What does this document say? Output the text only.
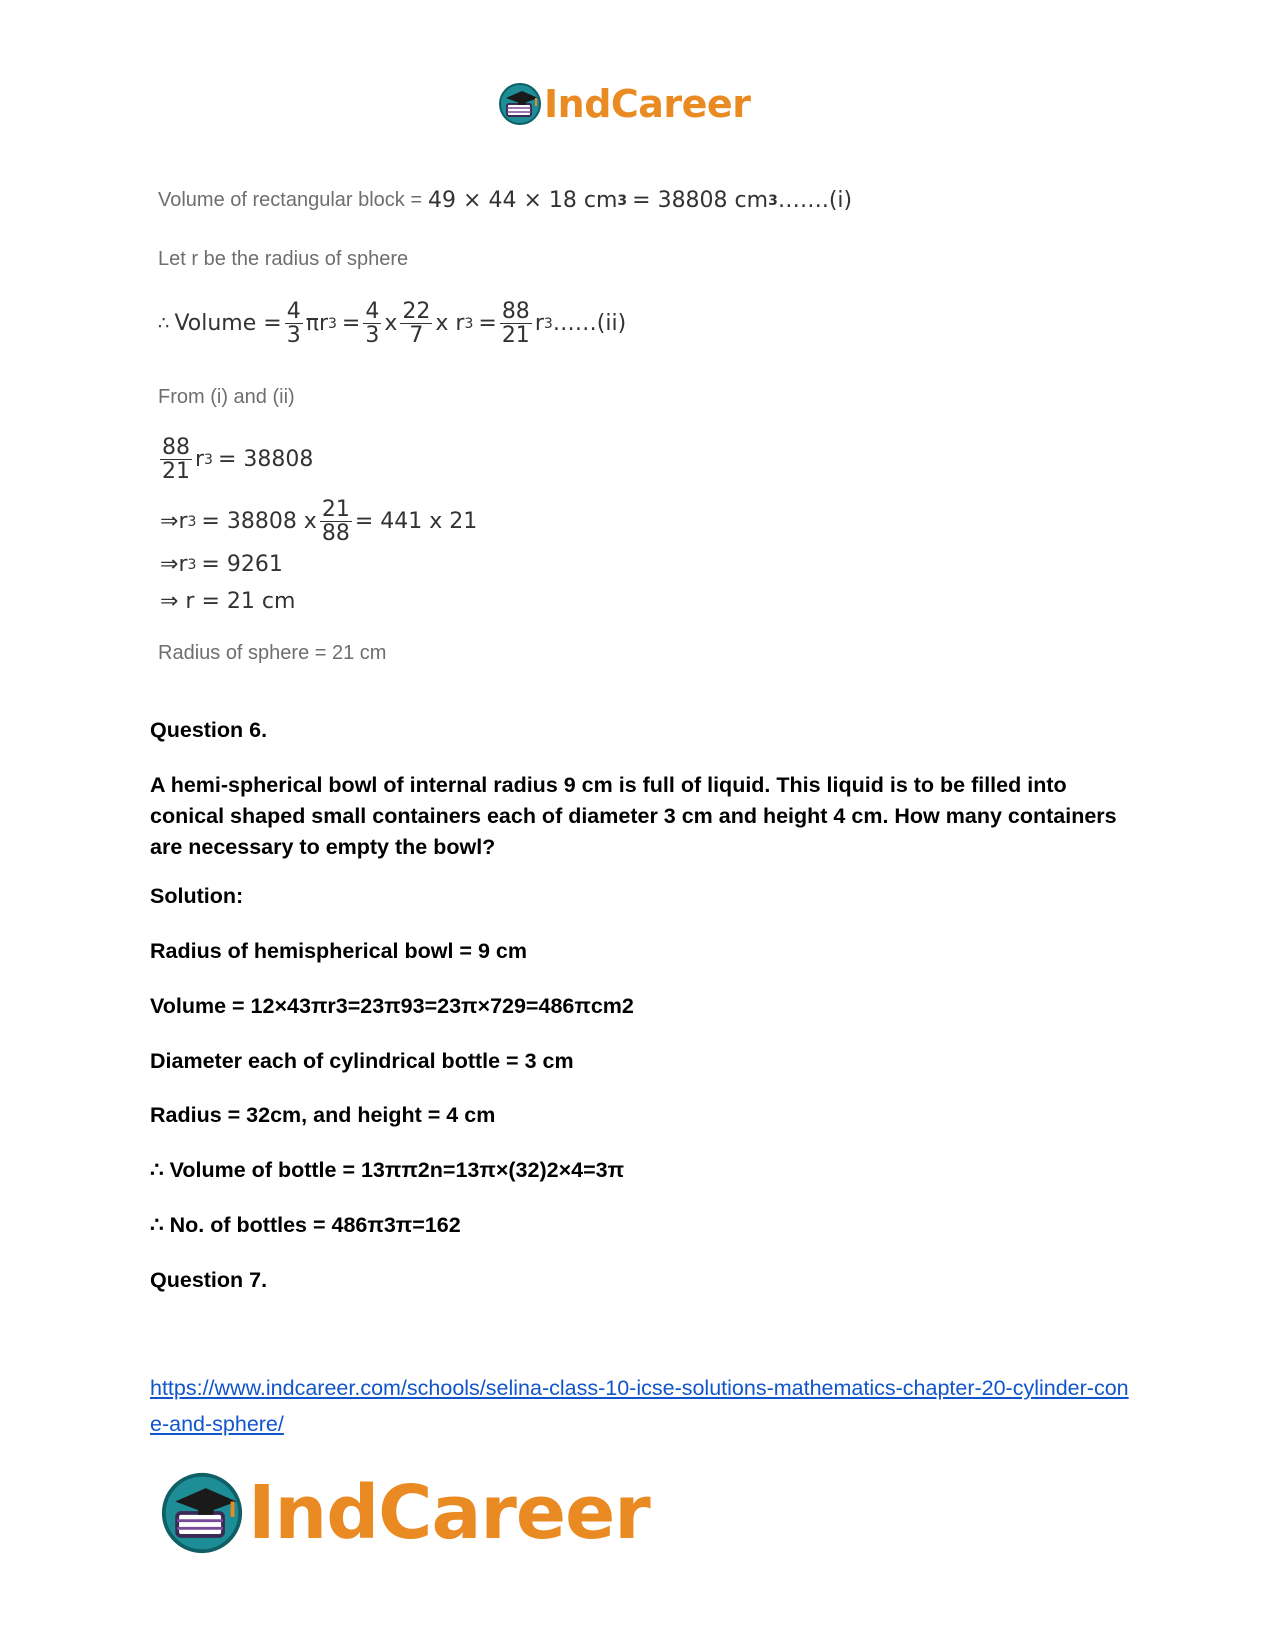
IndCareer
Volume of rectangular block = 49 × 44 × 18 cm 3 = 38808 cm 3 …….(i)
Let r be the radius of sphere
∴ Volume = $\frac{4}{3}$ πr $3 = \frac{4}{3}$ x $\frac{22}{7}$ x r $3 = \frac{88}{21}$ r 3 ……(ii)
From (i) and (ii)
$\frac{88}{21}$ r 3 = 38808
⇒ r 3 = 38808 x $\frac{21}{88} = 441$ x 21
⇒ r 3 = 9261
⇒ r = 21 cm
Radius of sphere = 21 cm
Question 6.
A hemi-spherical bowl of internal radius 9 cm is full of liquid. This liquid is to be filled into conical shaped small containers each of diameter 3 cm and height 4 cm. How many containers are necessary to empty the bowl?
Solution:
Radius of hemispherical bowl = 9 cm
Volume = 12×43πr3=23π93=23π×729=486πcm2
Diameter each of cylindrical bottle = 3 cm
Radius = 32cm, and height = 4 cm
∴ Volume of bottle = 13ππ2n=13π×(32)2×4=3π
∴ No. of bottles = 486π3π=162
Question 7.
https://www.indcareer.com/schools/selina-class-10-icse-solutions-mathematics-chapter-20-cylinder-cone-and-sphere/
IndCareer
